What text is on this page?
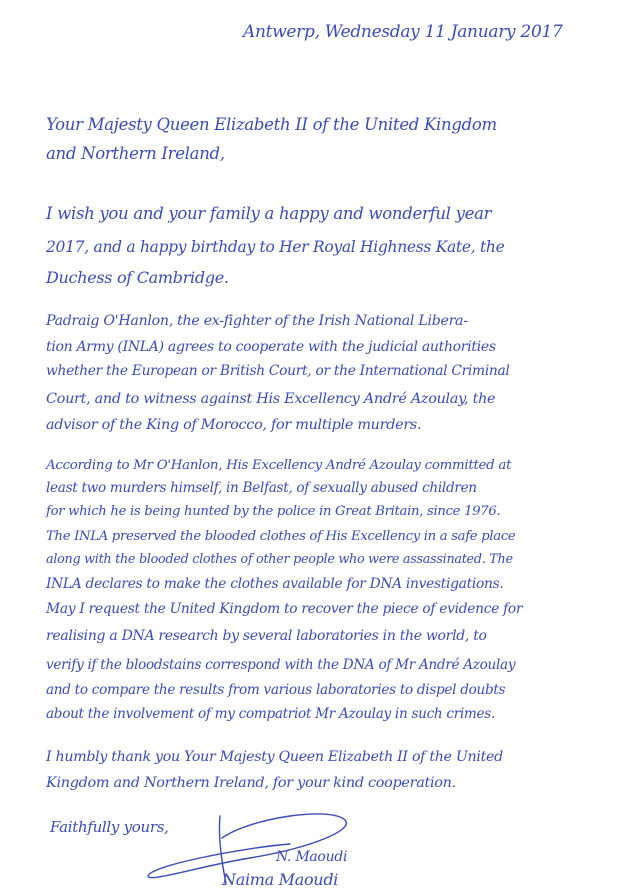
Antwerp, Wednesday 11 January 2017
Your Majesty Queen Elizabeth II of the United Kingdom
and Northern Ireland,
I wish you and your family a happy and wonderful year
2017, and a happy birthday to Her Royal Highness Kate, the
Duchess of Cambridge.
Padraig O'Hanlon, the ex-fighter of the Irish National Libera-
tion Army (INLA) agrees to cooperate with the judicial authorities
whether the European or British Court, or the International Criminal
Court, and to witness against His Excellency André Azoulay, the
advisor of the King of Morocco, for multiple murders.
According to Mr O'Hanlon, His Excellency André Azoulay committed at
least two murders himself, in Belfast, of sexually abused children
for which he is being hunted by the police in Great Britain, since 1976.
The INLA preserved the blooded clothes of His Excellency in a safe place
along with the blooded clothes of other people who were assassinated. The
INLA declares to make the clothes available for DNA investigations.
May I request the United Kingdom to recover the piece of evidence for
realising a DNA research by several laboratories in the world, to
verify if the bloodstains correspond with the DNA of Mr André Azoulay
and to compare the results from various laboratories to dispel doubts
about the involvement of my compatriot Mr Azoulay in such crimes.
I humbly thank you Your Majesty Queen Elizabeth II of the United
Kingdom and Northern Ireland, for your kind cooperation.
Faithfully yours,
N. Maoudi
Naima Maoudi
